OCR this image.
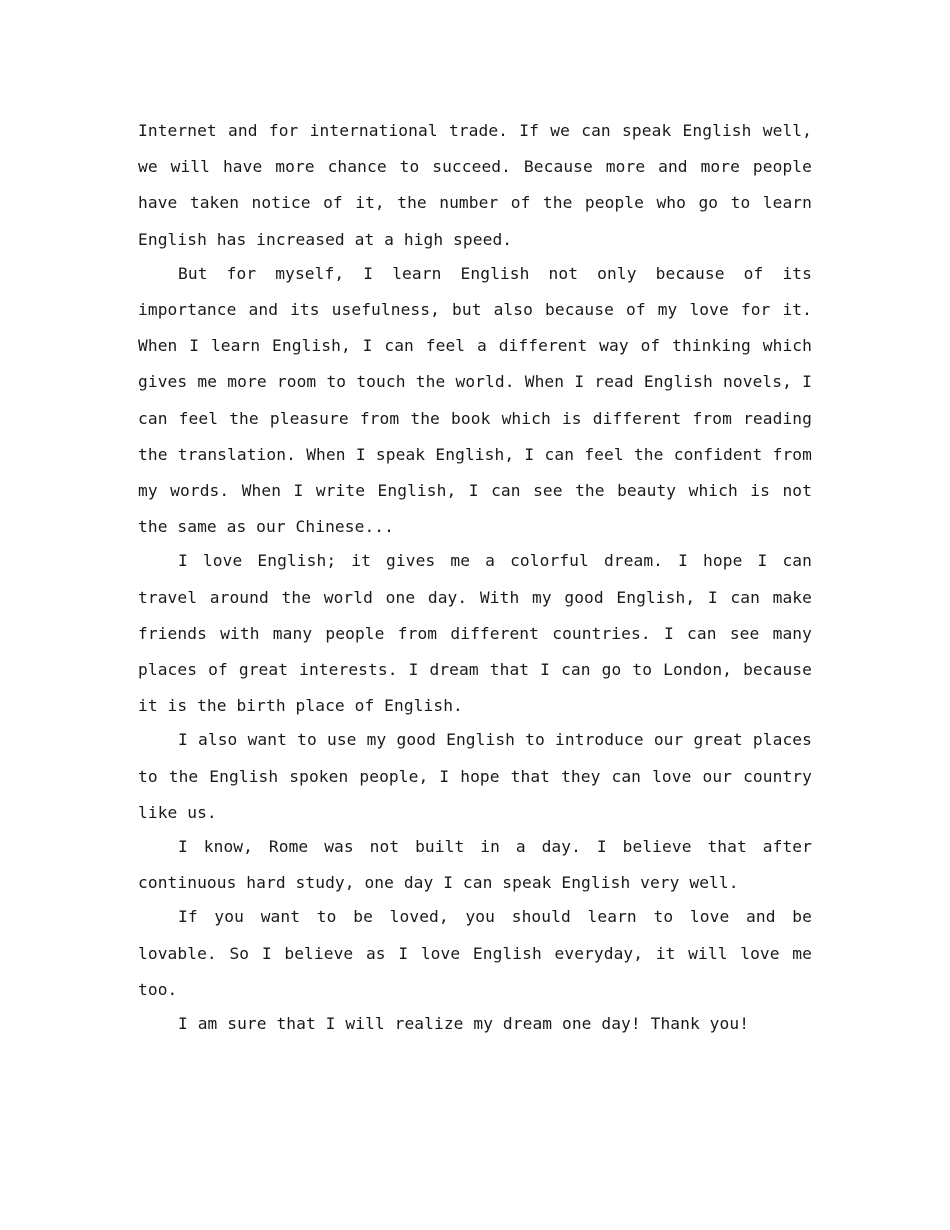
Internet and for international trade. If we can speak English well, we will have more chance to succeed. Because more and more people have taken notice of it, the number of the people who go to learn English has increased at a high speed.

But for myself, I learn English not only because of its importance and its usefulness, but also because of my love for it. When I learn English, I can feel a different way of thinking which gives me more room to touch the world. When I read English novels, I can feel the pleasure from the book which is different from reading the translation. When I speak English, I can feel the confident from my words. When I write English, I can see the beauty which is not the same as our Chinese...

I love English; it gives me a colorful dream. I hope I can travel around the world one day. With my good English, I can make friends with many people from different countries. I can see many places of great interests. I dream that I can go to London, because it is the birth place of English.

I also want to use my good English to introduce our great places to the English spoken people, I hope that they can love our country like us.

I know, Rome was not built in a day. I believe that after continuous hard study, one day I can speak English very well.

If you want to be loved, you should learn to love and be lovable. So I believe as I love English everyday, it will love me too.

I am sure that I will realize my dream one day! Thank you!
